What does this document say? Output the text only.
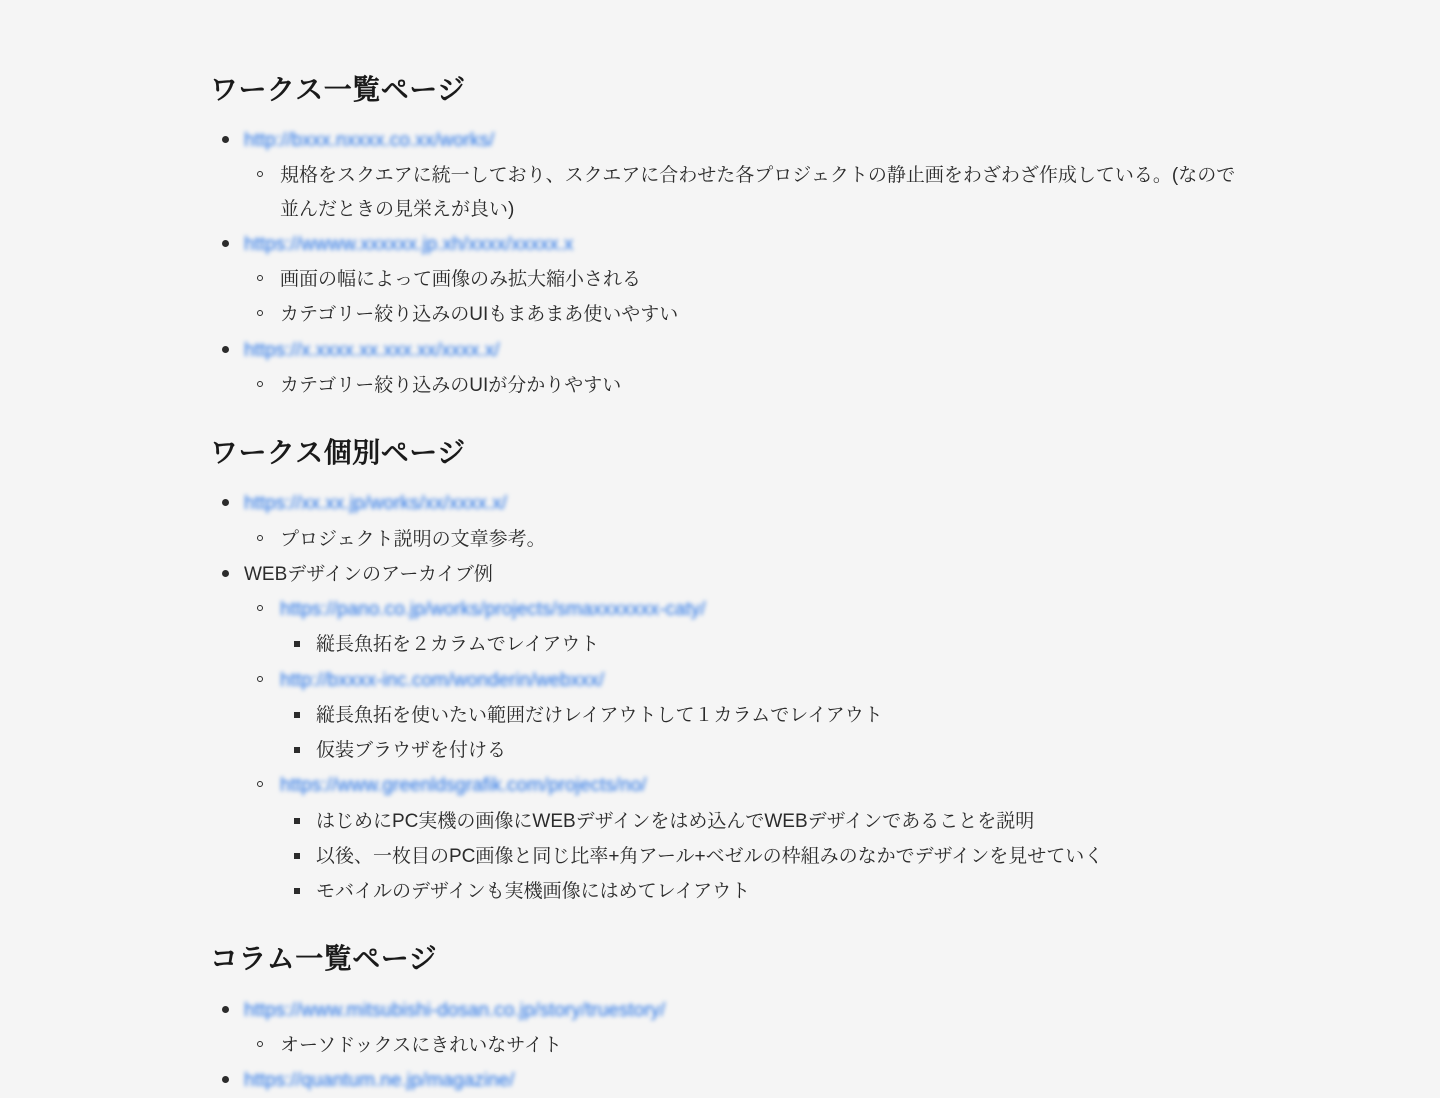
ワークス一覧ページ
http://bxxx.nxxxx.co.xx/works/
規格をスクエアに統一しており、スクエアに合わせた各プロジェクトの静止画をわざわざ作成している。(なので並んだときの見栄えが良い)
https://wwww.xxxxxx.jp.xh/xxxx/xxxxx.x
画面の幅によって画像のみ拡大縮小される
カテゴリー絞り込みのUIもまあまあ使いやすい
https://x.xxxx.xx.xxx.xx/xxxx.x/
カテゴリー絞り込みのUIが分かりやすい
ワークス個別ページ
https://xx.xx.jp/works/xx/xxxx.x/
プロジェクト説明の文章参考。
WEBデザインのアーカイブ例
https://pano.co.jp/works/projects/smaxxxxxxx-caty/
縦長魚拓を２カラムでレイアウト
http://bxxxx-inc.com/wonderin/webxxx/
縦長魚拓を使いたい範囲だけレイアウトして１カラムでレイアウト
仮装ブラウザを付ける
https://www.greenldsgrafik.com/projects/no/
はじめにPC実機の画像にWEBデザインをはめ込んでWEBデザインであることを説明
以後、一枚目のPC画像と同じ比率+角アール+ベゼルの枠組みのなかでデザインを見せていく
モバイルのデザインも実機画像にはめてレイアウト
コラム一覧ページ
https://www.mitsubishi-dosan.co.jp/story/truestory/
オーソドックスにきれいなサイト
https://quantum.ne.jp/magazine/
